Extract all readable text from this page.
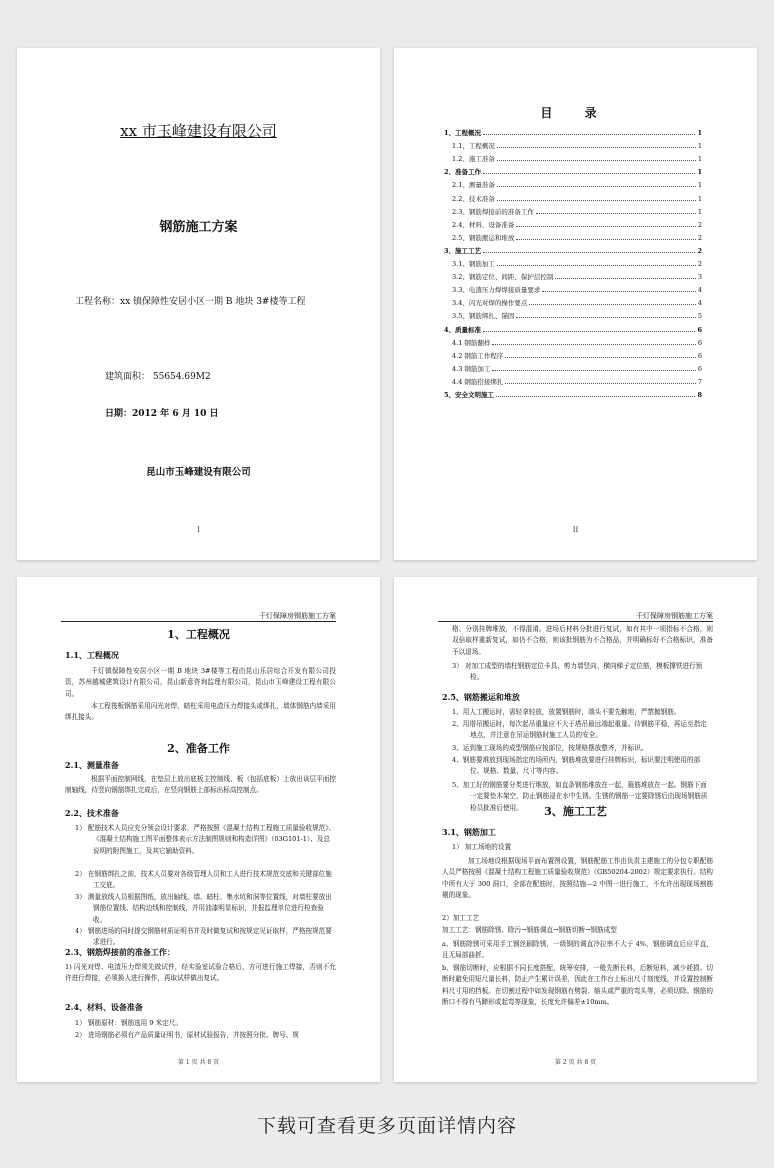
xx 市玉峰建设有限公司
钢筋施工方案
工程名称：xx 镇保障性安居小区一期 B 地块 3#楼等工程
建筑面积： 55654.69M2
日期：2012 年 6 月 10 日
昆山市玉峰建设有限公司
I
目 录
1、工程概况	1
1.1、工程概况	1
1.2、施工准备	1
2、准备工作	1
2.1、测量准备	1
2.2、技术准备	1
2.3、钢筋焊接前的准备工作	1
2.4、材料、设备准备	2
2.5、钢筋搬运和堆放	2
3、施工工艺	2
3.1、钢筋加工	2
3.2、钢筋定位、间距、保护层控制	3
3.3、电渣压力焊焊接质量要求	4
3.4、闪光对焊的操作要点	4
3.5、钢筋绑扎、锚固	5
4、质量标准	6
4.1 钢筋翻样	6
4.2 钢筋工作程序	6
4.3 钢筋加工	6
4.4 钢筋搭接绑扎	7
5、安全文明施工	8
II
千灯保障房钢筋施工方案
1、工程概况
1.1、工程概况
千灯镇保障性安居小区一期 B 地块 3#楼等工程由昆山乐居综合开发有限公司投资，苏州越城建筑设计有限公司，昆山新意咨询监理有限公司，昆山市玉峰建设工程有限公司。
本工程筏板钢筋采用闪光对焊，暗柱采用电渣压力焊接头或绑扎，墙体钢筋内墙采用绑扎接头。
2、准备工作
2.1、测量准备
根据平面控制网线，在垫层上放出底板主控制线、板（包括底板）上放出该层平面控制轴线，待竖向钢筋绑扎完成后，在竖向钢筋上部标出标高控制点。
2.2、技术准备
1） 配筋技术人员应充分领会设计要求，严格按照《混凝土结构工程施工质量验收规范》、《混凝土结构施工图平面整体表示方法制图规则和构造详图》（03G101-1）、及总说明的附图施工，及其它辅助资料。
2） 在钢筋绑扎之前，技术人员要对各级管理人员和工人进行技术规范交底和关键部位施工交底。
3） 测量放线人员根据图纸，放出轴线、墙、暗柱、集水坑和洞等位置线，对墙柱要放出钢筋位置线、结构边线和控制线，并用油漆明显标识，并报监理单位进行检查验收。
4） 钢筋进场的同时提交钢筋材质证明书并及时做复试和按规定见证取样，严格按规范要求进行。
2.3、钢筋焊接前的准备工作：
1) 闪光对焊、电渣压力焊须先做试件，经实验室试验合格后，方可进行施工焊接，否则不允许进行焊接，必须换人进行操作，再取试样做出复试。
2.4、材料、设备准备
1） 钢筋原材：钢筋选用 9 米定尺。
2） 进场钢筋必须有产品质量证明书，原材试验报告，并按照分批、牌号、规
第 1 页 共 8 页
千灯保障房钢筋施工方案
格、分别挂牌堆放，不得混淆。进场后材料分批进行复试，如有其中一项指标不合格，则双倍取样重新复试，如仍不合格，则该批钢筋为不合格品，并明确标好不合格标识，准备予以退场。
3） 对加工成型的墙柱钢筋定位卡具、剪力墙竖向、横向梯子定位筋，模板撑铁进行预检。
2.5、钢筋搬运和堆放
1、用人工搬运时，需轻拿轻放，放置钢筋时，端头不要先触地，严禁抛钢筋。
2、用塔吊搬运时，每次起吊重量应不大于塔吊最远端起重量。待钢筋平稳，再运至指定地点，并注意在吊运钢筋时施工人员的安全。
3、运到施工现场的成型钢筋应按部位，按规格摆放整齐，并标识。
4、钢筋要堆放到现场指定的场所内，钢筋堆放要进行挂牌标识，标识要注明使用的部位、规格、数量、尺寸等内容。
5、加工好的钢筋要分类进行堆放，如直条钢筋堆放在一起，箍筋堆放在一起。钢筋下面一定要垫木架空，防止钢筋浸在水中生锈。生锈的钢筋一定要除锈后由现场钢筋质检员批准后使用。	3、施工工艺
3.1、钢筋加工
1） 加工场地的设置
加工场地设根据现场平面布置图设置，钢筋配筋工作由负责主建施工的分包专职配筋人员严格按照《混凝土结构工程施工质量验收规范》（GB50204-2002）规定要求执行。结构中所有大于 300 洞口，全部在配筋时，按照结施—2 中图一进行施工，不允许出现现场割筋剔的现象。
2）加工工艺
加工工艺：钢筋除锈、除污→钢筋调直→钢筋切断→钢筋成型
a、钢筋除锈可采用手工钢丝刷除锈，一级钢的调直冷拉率不大于 4%，钢筋调直后应平直，且无局部曲折。
b、钢筋切断时，应根据不同长度搭配，统筹安排，一般先断长料，后断短料，减少耗损。切断时避免用短尺量长料，防止产生累计误差，因此在工作台上标出尺寸刻度线，并设置控制断料尺寸用的挡板。在切割过程中如发现钢筋有劈裂、缩头或严重的弯头等，必须切除。钢筋的断口不得有马蹄形或起弯等现象，长度允许偏差±10mm。
第 2 页 共 8 页
下载可查看更多页面详情内容
